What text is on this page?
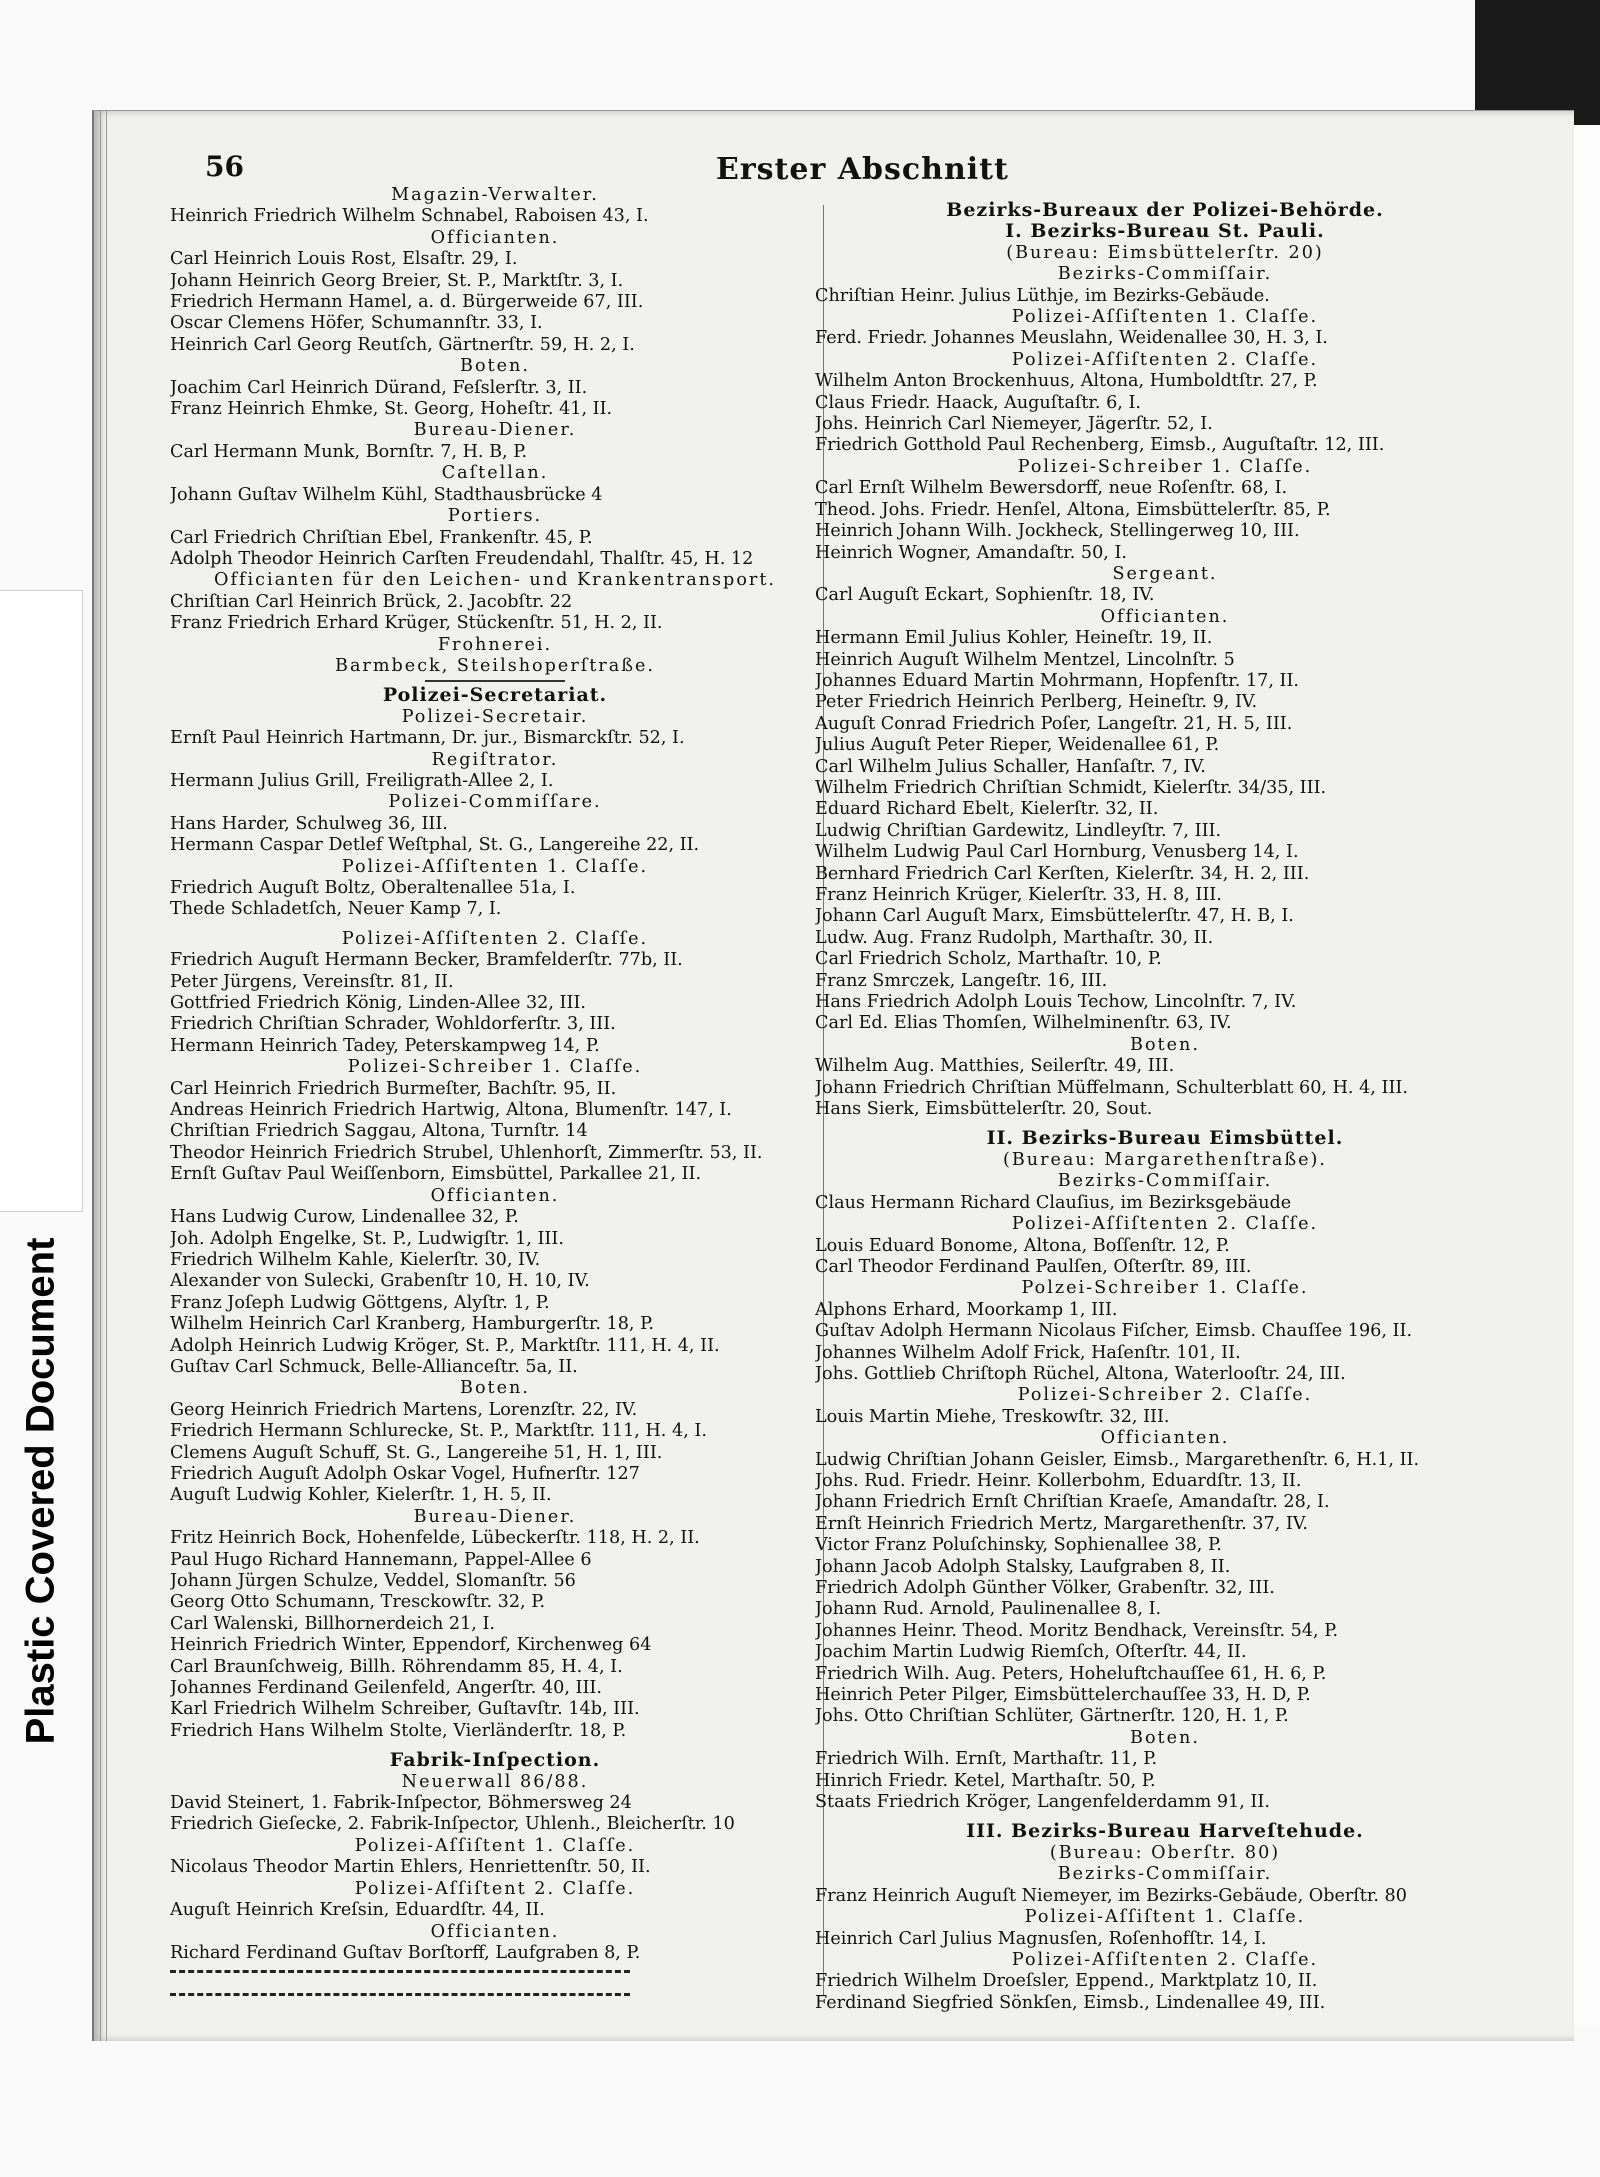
56	Erster Abschnitt
Magazin-Verwalter.
Heinrich Friedrich Wilhelm Schnabel, Raboisen 43, I.
Officianten.
Carl Heinrich Louis Rost, Elsaſtr. 29, I.
Johann Heinrich Georg Breier, St. P., Marktſtr. 3, I.
Friedrich Hermann Hamel, a. d. Bürgerweide 67, III.
Oscar Clemens Höfer, Schumannſtr. 33, I.
Heinrich Carl Georg Reutſch, Gärtnerſtr. 59, H. 2, I.
Boten.
Joachim Carl Heinrich Dürand, Feſslerſtr. 3, II.
Franz Heinrich Ehmke, St. Georg, Hoheſtr. 41, II.
Bureau-Diener.
Carl Hermann Munk, Bornſtr. 7, H. B, P.
Caſtellan.
Johann Guſtav Wilhelm Kühl, Stadthausbrücke 4
Portiers.
Carl Friedrich Chriſtian Ebel, Frankenſtr. 45, P.
Adolph Theodor Heinrich Carſten Freudendahl, Thalſtr. 45, H. 12
Officianten für den Leichen- und Krankentransport.
Chriſtian Carl Heinrich Brück, 2. Jacobſtr. 22
Franz Friedrich Erhard Krüger, Stückenſtr. 51, H. 2, II.
Frohnerei.
Barmbeck, Steilshoperſtraße.
Polizei-Secretariat.
Polizei-Secretair.
Ernſt Paul Heinrich Hartmann, Dr. jur., Bismarckſtr. 52, I.
Regiſtrator.
Hermann Julius Grill, Freiligrath-Allee 2, I.
Polizei-Commiſſare.
Hans Harder, Schulweg 36, III.
Hermann Caspar Detlef Weſtphal, St. G., Langereihe 22, II.
Polizei-Aſſiſtenten 1. Claſſe.
Friedrich Auguſt Boltz, Oberaltenallee 51a, I.
Thede Schladetſch, Neuer Kamp 7, I.
Polizei-Aſſiſtenten 2. Claſſe.
Friedrich Auguſt Hermann Becker, Bramfelderſtr. 77b, II.
Peter Jürgens, Vereinsſtr. 81, II.
Gottfried Friedrich König, Linden-Allee 32, III.
Friedrich Chriſtian Schrader, Wohldorferſtr. 3, III.
Hermann Heinrich Tadey, Peterskampweg 14, P.
Polizei-Schreiber 1. Claſſe.
Carl Heinrich Friedrich Burmeſter, Bachſtr. 95, II.
Andreas Heinrich Friedrich Hartwig, Altona, Blumenſtr. 147, I.
Chriſtian Friedrich Saggau, Altona, Turnſtr. 14
Theodor Heinrich Friedrich Strubel, Uhlenhorſt, Zimmerſtr. 53, II.
Ernſt Guſtav Paul Weiſſenborn, Eimsbüttel, Parkallee 21, II.
Officianten.
Hans Ludwig Curow, Lindenallee 32, P.
Joh. Adolph Engelke, St. P., Ludwigſtr. 1, III.
Friedrich Wilhelm Kahle, Kielerſtr. 30, IV.
Alexander von Sulecki, Grabenſtr 10, H. 10, IV.
Franz Joſeph Ludwig Göttgens, Alyſtr. 1, P.
Wilhelm Heinrich Carl Kranberg, Hamburgerſtr. 18, P.
Adolph Heinrich Ludwig Kröger, St. P., Marktſtr. 111, H. 4, II.
Guſtav Carl Schmuck, Belle-Allianceſtr. 5a, II.
Boten.
Georg Heinrich Friedrich Martens, Lorenzſtr. 22, IV.
Friedrich Hermann Schlurecke, St. P., Marktſtr. 111, H. 4, I.
Clemens Auguſt Schuff, St. G., Langereihe 51, H. 1, III.
Friedrich Auguſt Adolph Oskar Vogel, Hufnerſtr. 127
Auguſt Ludwig Kohler, Kielerſtr. 1, H. 5, II.
Bureau-Diener.
Fritz Heinrich Bock, Hohenfelde, Lübeckerſtr. 118, H. 2, II.
Paul Hugo Richard Hannemann, Pappel-Allee 6
Johann Jürgen Schulze, Veddel, Slomanſtr. 56
Georg Otto Schumann, Tresckowſtr. 32, P.
Carl Walenski, Billhornerdeich 21, I.
Heinrich Friedrich Winter, Eppendorf, Kirchenweg 64
Carl Braunſchweig, Billh. Röhrendamm 85, H. 4, I.
Johannes Ferdinand Geilenfeld, Angerſtr. 40, III.
Karl Friedrich Wilhelm Schreiber, Guſtavſtr. 14b, III.
Friedrich Hans Wilhelm Stolte, Vierländerſtr. 18, P.
Fabrik-Inſpection.
Neuerwall 86/88.
David Steinert, 1. Fabrik-Inſpector, Böhmersweg 24
Friedrich Gieſecke, 2. Fabrik-Inſpector, Uhlenh., Bleicherſtr. 10
Polizei-Aſſiſtent 1. Claſſe.
Nicolaus Theodor Martin Ehlers, Henriettenſtr. 50, II.
Polizei-Aſſiſtent 2. Claſſe.
Auguſt Heinrich Kreſsin, Eduardſtr. 44, II.
Officianten.
Richard Ferdinand Guſtav Borſtorff, Laufgraben 8, P.
Bezirks-Bureaux der Polizei-Behörde.
I. Bezirks-Bureau St. Pauli.
(Bureau: Eimsbüttelerſtr. 20)
Bezirks-Commiſſair.
Chriſtian Heinr. Julius Lüthje, im Bezirks-Gebäude.
Polizei-Aſſiſtenten 1. Claſſe.
Ferd. Friedr. Johannes Meuslahn, Weidenallee 30, H. 3, I.
Polizei-Aſſiſtenten 2. Claſſe.
Wilhelm Anton Brockenhuus, Altona, Humboldtſtr. 27, P.
Claus Friedr. Haack, Auguſtaſtr. 6, I.
Johs. Heinrich Carl Niemeyer, Jägerſtr. 52, I.
Friedrich Gotthold Paul Rechenberg, Eimsb., Auguſtaſtr. 12, III.
Polizei-Schreiber 1. Claſſe.
Carl Ernſt Wilhelm Bewersdorff, neue Roſenſtr. 68, I.
Theod. Johs. Friedr. Henſel, Altona, Eimsbüttelerſtr. 85, P.
Heinrich Johann Wilh. Jockheck, Stellingerweg 10, III.
Heinrich Wogner, Amandaſtr. 50, I.
Sergeant.
Carl Auguſt Eckart, Sophienſtr. 18, IV.
Officianten.
Hermann Emil Julius Kohler, Heineſtr. 19, II.
Heinrich Auguſt Wilhelm Mentzel, Lincolnſtr. 5
Johannes Eduard Martin Mohrmann, Hopfenſtr. 17, II.
Peter Friedrich Heinrich Perlberg, Heineſtr. 9, IV.
Auguſt Conrad Friedrich Poſer, Langeſtr. 21, H. 5, III.
Julius Auguſt Peter Rieper, Weidenallee 61, P.
Carl Wilhelm Julius Schaller, Hanſaſtr. 7, IV.
Wilhelm Friedrich Chriſtian Schmidt, Kielerſtr. 34/35, III.
Eduard Richard Ebelt, Kielerſtr. 32, II.
Ludwig Chriſtian Gardewitz, Lindleyſtr. 7, III.
Wilhelm Ludwig Paul Carl Hornburg, Venusberg 14, I.
Bernhard Friedrich Carl Kerſten, Kielerſtr. 34, H. 2, III.
Franz Heinrich Krüger, Kielerſtr. 33, H. 8, III.
Johann Carl Auguſt Marx, Eimsbüttelerſtr. 47, H. B, I.
Ludw. Aug. Franz Rudolph, Marthaſtr. 30, II.
Carl Friedrich Scholz, Marthaſtr. 10, P.
Franz Smrczek, Langeſtr. 16, III.
Hans Friedrich Adolph Louis Techow, Lincolnſtr. 7, IV.
Carl Ed. Elias Thomſen, Wilhelminenſtr. 63, IV.
Boten.
Wilhelm Aug. Matthies, Seilerſtr. 49, III.
Johann Friedrich Chriſtian Müffelmann, Schulterblatt 60, H. 4, III.
Hans Sierk, Eimsbüttelerſtr. 20, Sout.
II. Bezirks-Bureau Eimsbüttel.
(Bureau: Margarethenſtraße).
Bezirks-Commiſſair.
Claus Hermann Richard Clauſius, im Bezirksgebäude
Polizei-Aſſiſtenten 2. Claſſe.
Louis Eduard Bonome, Altona, Boſſenſtr. 12, P.
Carl Theodor Ferdinand Paulſen, Oſterſtr. 89, III.
Polzei-Schreiber 1. Claſſe.
Alphons Erhard, Moorkamp 1, III.
Guſtav Adolph Hermann Nicolaus Fiſcher, Eimsb. Chauſſee 196, II.
Johannes Wilhelm Adolf Frick, Haſenſtr. 101, II.
Johs. Gottlieb Chriſtoph Rüchel, Altona, Waterlooſtr. 24, III.
Polizei-Schreiber 2. Claſſe.
Louis Martin Miehe, Treskowſtr. 32, III.
Officianten.
Ludwig Chriſtian Johann Geisler, Eimsb., Margarethenſtr. 6, H.1, II.
Johs. Rud. Friedr. Heinr. Kollerbohm, Eduardſtr. 13, II.
Johann Friedrich Ernſt Chriſtian Kraeſe, Amandaſtr. 28, I.
Ernſt Heinrich Friedrich Mertz, Margarethenſtr. 37, IV.
Victor Franz Poluſchinsky, Sophienallee 38, P.
Johann Jacob Adolph Stalsky, Laufgraben 8, II.
Friedrich Adolph Günther Völker, Grabenſtr. 32, III.
Johann Rud. Arnold, Paulinenallee 8, I.
Johannes Heinr. Theod. Moritz Bendhack, Vereinsſtr. 54, P.
Joachim Martin Ludwig Riemſch, Oſterſtr. 44, II.
Friedrich Wilh. Aug. Peters, Hoheluftchauſſee 61, H. 6, P.
Heinrich Peter Pilger, Eimsbüttelerchauſſee 33, H. D, P.
Johs. Otto Chriſtian Schlüter, Gärtnerſtr. 120, H. 1, P.
Boten.
Friedrich Wilh. Ernſt, Marthaſtr. 11, P.
Hinrich Friedr. Ketel, Marthaſtr. 50, P.
Staats Friedrich Kröger, Langenfelderdamm 91, II.
III. Bezirks-Bureau Harveſtehude.
(Bureau: Oberſtr. 80)
Bezirks-Commiſſair.
Franz Heinrich Auguſt Niemeyer, im Bezirks-Gebäude, Oberſtr. 80
Polizei-Aſſiſtent 1. Claſſe.
Heinrich Carl Julius Magnusſen, Roſenhofſtr. 14, I.
Polizei-Aſſiſtenten 2. Claſſe.
Friedrich Wilhelm Droeſsler, Eppend., Marktplatz 10, II.
Ferdinand Siegfried Sönkſen, Eimsb., Lindenallee 49, III.
Plastic Covered Document
